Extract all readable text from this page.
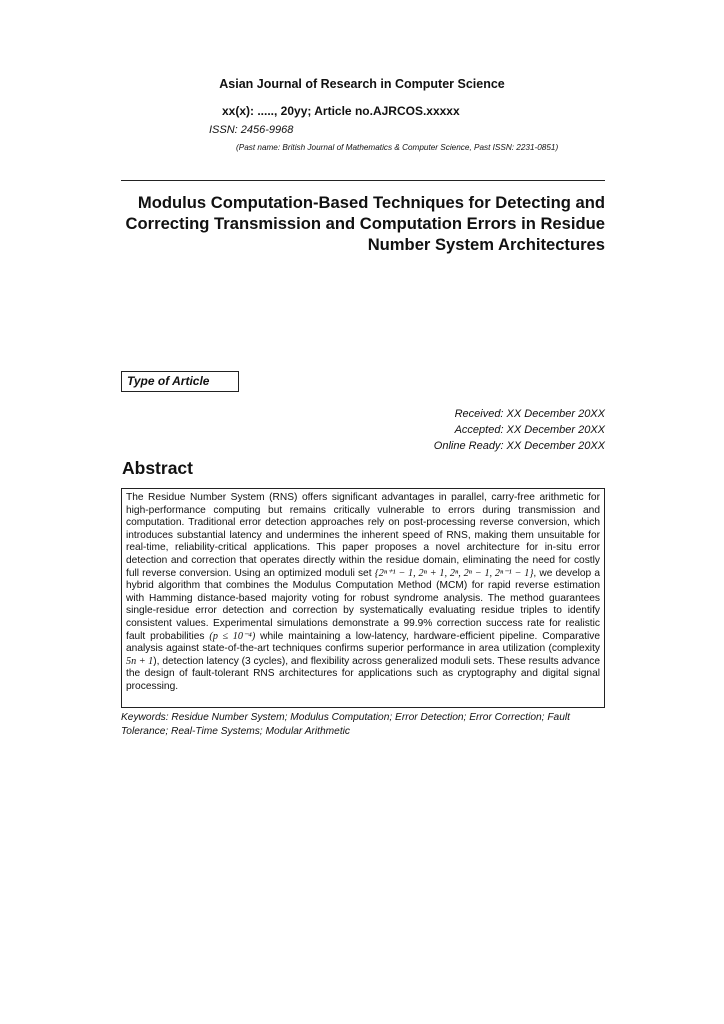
Asian Journal of Research in Computer Science
xx(x): ....., 20yy; Article no.AJRCOS.xxxxx
ISSN: 2456-9968
(Past name: British Journal of Mathematics & Computer Science, Past ISSN: 2231-0851)
Modulus Computation-Based Techniques for Detecting and Correcting Transmission and Computation Errors in Residue Number System Architectures
Type of Article
Received: XX December 20XX
Accepted: XX December 20XX
Online Ready: XX December 20XX
Abstract
The Residue Number System (RNS) offers significant advantages in parallel, carry-free arithmetic for high-performance computing but remains critically vulnerable to errors during transmission and computation. Traditional error detection approaches rely on post-processing reverse conversion, which introduces substantial latency and undermines the inherent speed of RNS, making them unsuitable for real-time, reliability-critical applications. This paper proposes a novel architecture for in-situ error detection and correction that operates directly within the residue domain, eliminating the need for costly full reverse conversion. Using an optimized moduli set {2ⁿ⁺¹ − 1, 2ⁿ + 1, 2ⁿ, 2ⁿ − 1, 2ⁿ⁻¹ − 1}, we develop a hybrid algorithm that combines the Modulus Computation Method (MCM) for rapid reverse estimation with Hamming distance-based majority voting for robust syndrome analysis. The method guarantees single-residue error detection and correction by systematically evaluating residue triples to identify consistent values. Experimental simulations demonstrate a 99.9% correction success rate for realistic fault probabilities (p ≤ 10⁻⁴) while maintaining a low-latency, hardware-efficient pipeline. Comparative analysis against state-of-the-art techniques confirms superior performance in area utilization (complexity 5n + 1), detection latency (3 cycles), and flexibility across generalized moduli sets. These results advance the design of fault-tolerant RNS architectures for applications such as cryptography and digital signal processing.
Keywords: Residue Number System; Modulus Computation; Error Detection; Error Correction; Fault Tolerance; Real-Time Systems; Modular Arithmetic
